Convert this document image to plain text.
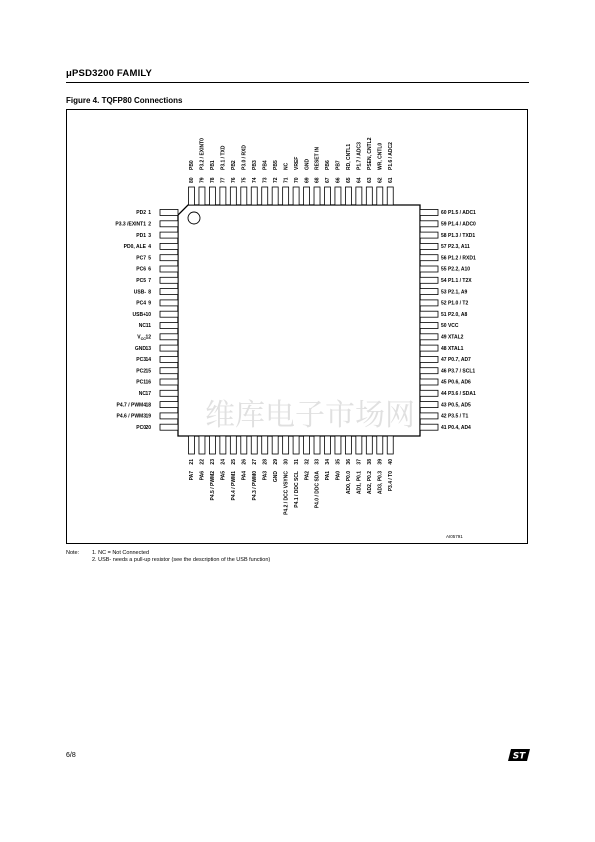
μPSD3200 FAMILY
Figure 4. TQFP80 Connections
维库电子市场网
1
PD2
2
P3.3 /EXINT1
3
PD1
4
PD0, ALE
5
PC7
6
PC6
7
PC5
8
USB-
9
PC4
10
USB+
11
NC
12
$V_{CC}$
13
GND
14
PC3
15
PC2
16
PC1
17
NC
18
P4.7 / PWM4
19
P4.6 / PWM3
20
PC0	41 P0.4, AD4
42 P3.5 / T1
43 P0.5, AD5
44 P3.6 / SDA1
45 P0.6, AD6
46 P3.7 / SCL1
47 P0.7, AD7
48 XTAL1
49 XTAL2
50 VCC
51 P2.0, A8
52 P1.0 / T2
53 P2.1, A9
54 P1.1 / T2X
55 P2.2, A10
56 P1.2 / RXD1
57 P2.3, A11
58 P1.3 / TXD1
59 P1.4 / ADC0
60 P1.5 / ADC1
21
PA7
22
PA6
23
P4.5 / PWM2
24
PA5
25
P4.4 / PWM1
26
PA4
27
P4.3 / PWM0
28
PA3
29
GND
30
P4.2 / DCC VSYNC
31
P4.1 / DDC SCL
32
PA2
33
P4.0 / DDC SDA
34
PA1
35
PA0
36
AD0, P0.0
37
AD1, P0.1
38
AD2, P0.2
39
AD3, P0.3
40
P3.4 / T0
61
P1.6 / ADC2
62
WR, CNTL0
63
PSEN, CNTL2
64
P1.7 / ADC3
65
RD, CNTL1
66
PB7
67
PB6
68
RESET IN
69
GND
70
VREF
71
NC
72
PB5
73
PB4
74
PB3
75
P3.0 / RXD
76
PB2
77
P3.1 / TXD
78
PB1
79
P3.2 / EXINT0
80
PB0
AI05791
Note: 1. NC = Not Connected
2. USB- needs a pull-up resistor (see the description of the USB function)
6/8	ST
